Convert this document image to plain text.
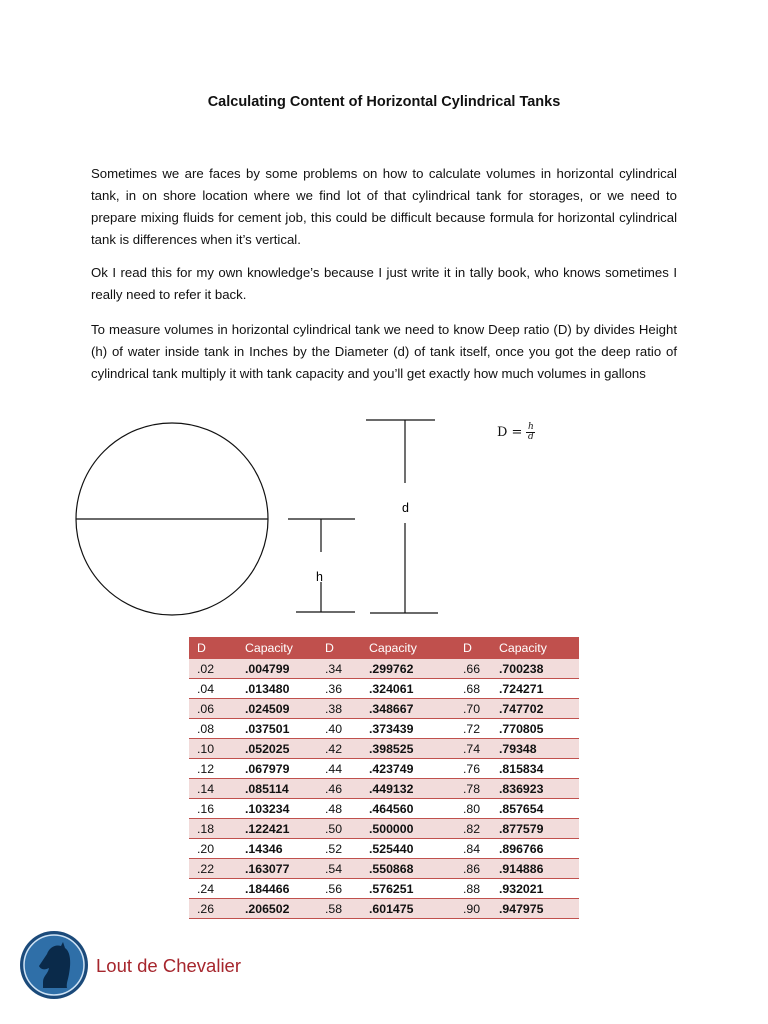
Calculating Content of Horizontal Cylindrical Tanks

Sometimes we are faces by some problems on how to calculate volumes in horizontal cylindrical tank, in on shore location where we find lot of that cylindrical tank for storages, or we need to prepare mixing fluids for cement job, this could be difficult because formula for horizontal cylindrical tank is differences when it’s vertical.

Ok I read this for my own knowledge’s because I just write it in tally book, who knows sometimes I really need to refer it back.

To measure volumes in horizontal cylindrical tank we need to know Deep ratio (D) by divides Height (h) of water inside tank in Inches by the Diameter (d) of tank itself, once you got the deep ratio of cylindrical tank multiply it with tank capacity and you’ll get exactly how much volumes in gallons

h
d
$D = \frac{h}{d}$
D	Capacity	D	Capacity	D	Capacity
.02	.004799	.34	.299762	.66	.700238
.04	.013480	.36	.324061	.68	.724271
.06	.024509	.38	.348667	.70	.747702
.08	.037501	.40	.373439	.72	.770805
.10	.052025	.42	.398525	.74	.79348
.12	.067979	.44	.423749	.76	.815834
.14	.085114	.46	.449132	.78	.836923
.16	.103234	.48	.464560	.80	.857654
.18	.122421	.50	.500000	.82	.877579
.20	.14346	.52	.525440	.84	.896766
.22	.163077	.54	.550868	.86	.914886
.24	.184466	.56	.576251	.88	.932021
.26	.206502	.58	.601475	.90	.947975
Lout de Chevalier
